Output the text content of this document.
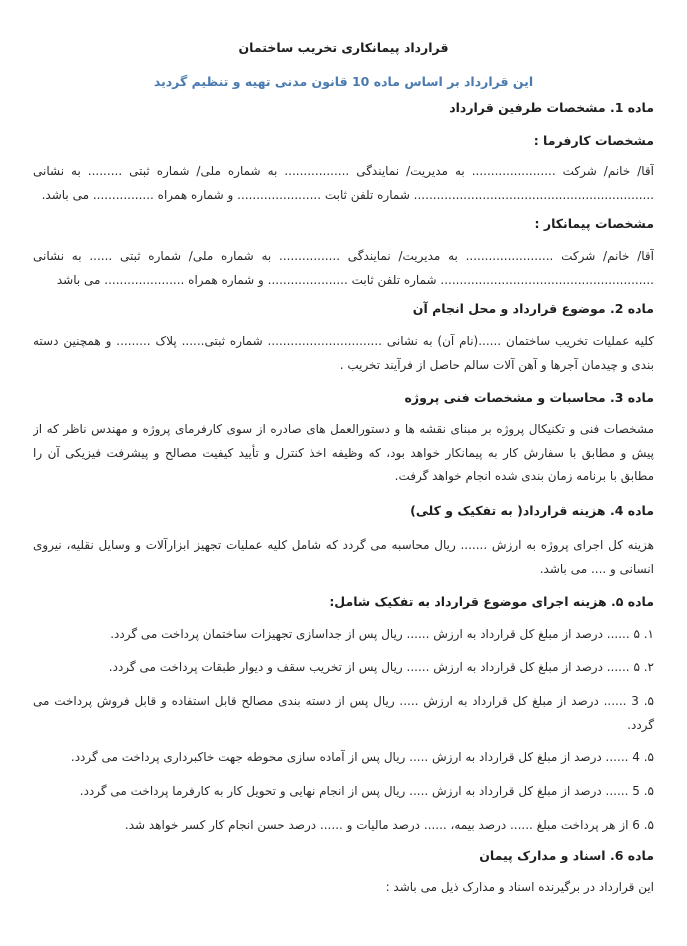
قرارداد پیمانکاری تخریب ساختمان
این قرارداد بر اساس ماده 10 قانون مدنی تهیه و تنظیم گردید
ماده 1. مشخصات طرفین قرارداد
مشخصات کارفرما :
آقا/ خانم/ شرکت ...................... به مدیریت/ نمایندگی ................. به شماره ملی/ شماره ثبتی ......... به نشانی
............................................................... شماره تلفن ثابت ...................... و شماره همراه ................ می باشد.
مشخصات پیمانکار :
آقا/ خانم/ شرکت ....................... به مدیریت/ نمایندگی ................ به شماره ملی/ شماره ثبتی ...... به نشانی
........................................................ شماره تلفن ثابت ..................... و شماره همراه ..................... می باشد
ماده 2. موضوع قرارداد و محل انجام آن
کلیه عملیات تخریب ساختمان ......(نام آن) به نشانی .............................. شماره ثبتی...... پلاک ......... و همچنین دسته
بندی و چیدمان آجرها و آهن آلات سالم حاصل از فرآیند تخریب .
ماده 3. محاسبات و مشخصات فنی پروژه
مشخصات فنی و تکنیکال پروژه بر مبنای نقشه ها و دستورالعمل های صادره از سوی کارفرمای پروژه و مهندس ناظر که از
پیش و مطابق با سفارش کار به پیمانکار خواهد بود، که وظیفه اخذ کنترل و تأیید کیفیت مصالح و پیشرفت فیزیکی آن را
مطابق با برنامه زمان بندی شده انجام خواهد گرفت.
ماده 4. هزینه قرارداد( به تفکیک و کلی)
هزینه کل اجرای پروژه به ارزش ....... ریال محاسبه می گردد که شامل کلیه عملیات تجهیز ابزارآلات و وسایل نقلیه، نیروی
انسانی و .... می باشد.
ماده ۵. هزینه اجرای موضوع قرارداد به تفکیک شامل:
۱. ۵ ...... درصد از مبلغ کل قرارداد به ارزش ...... ریال پس از جداسازی تجهیزات ساختمان پرداخت می گردد.
۲. ۵ ...... درصد از مبلغ کل قرارداد به ارزش ...... ریال پس از تخریب سقف و دیوار طبقات پرداخت می گردد.
۵. 3 ...... درصد از مبلغ کل قرارداد به ارزش ..... ریال پس از دسته بندی مصالح قابل استفاده و قابل فروش پرداخت می
گردد.
۵. 4 ...... درصد از مبلغ کل قرارداد به ارزش ..... ریال پس از آماده سازی محوطه جهت خاکبرداری پرداخت می گردد.
۵. 5 ...... درصد از مبلغ کل قرارداد به ارزش ..... ریال پس از انجام نهایی و تحویل کار به کارفرما پرداخت می گردد.
۵. 6 از هر پرداخت مبلغ ...... درصد بیمه، ...... درصد مالیات و ...... درصد حسن انجام کار کسر خواهد شد.
ماده 6. اسناد و مدارک پیمان
این قرارداد در برگیرنده اسناد و مدارک ذیل می باشد :
